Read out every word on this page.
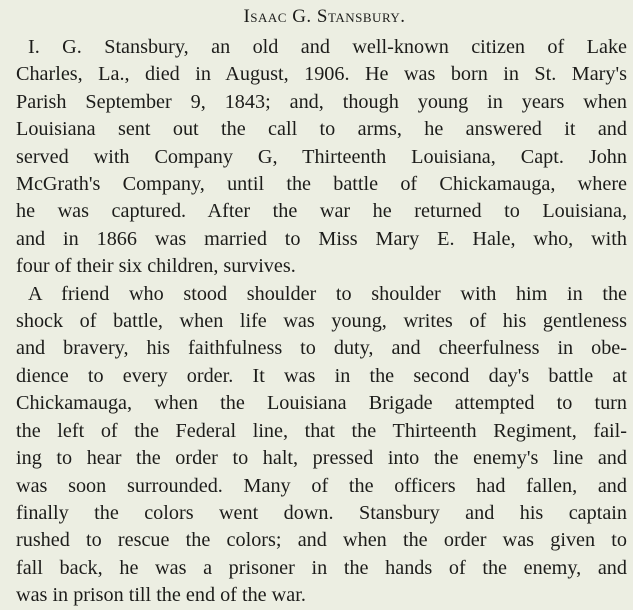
Isaac G. Stansbury.

I. G. Stansbury, an old and well-known citizen of Lake
Charles, La., died in August, 1906. He was born in St. Mary's
Parish September 9, 1843; and, though young in years when
Louisiana sent out the call to arms, he answered it and
served with Company G, Thirteenth Louisiana, Capt. John
McGrath's Company, until the battle of Chickamauga, where
he was captured. After the war he returned to Louisiana,
and in 1866 was married to Miss Mary E. Hale, who, with
four of their six children, survives.

A friend who stood shoulder to shoulder with him in the
shock of battle, when life was young, writes of his gentleness
and bravery, his faithfulness to duty, and cheerfulness in obe-
dience to every order. It was in the second day's battle at
Chickamauga, when the Louisiana Brigade attempted to turn
the left of the Federal line, that the Thirteenth Regiment, fail-
ing to hear the order to halt, pressed into the enemy's line and
was soon surrounded. Many of the officers had fallen, and
finally the colors went down. Stansbury and his captain
rushed to rescue the colors; and when the order was given to
fall back, he was a prisoner in the hands of the enemy, and
was in prison till the end of the war.
